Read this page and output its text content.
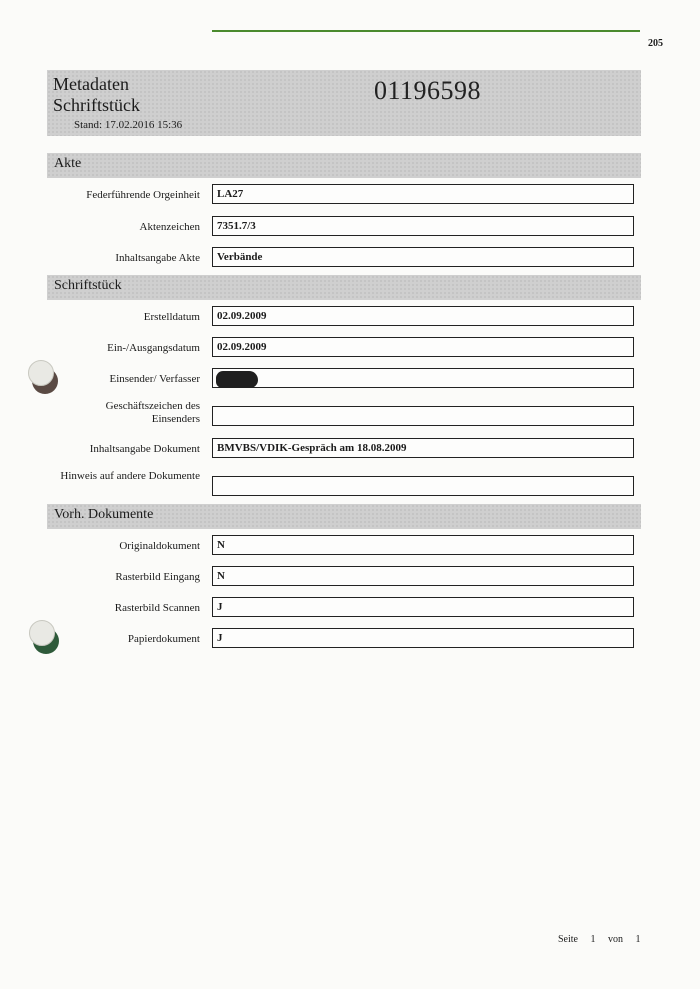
205
Metadaten
Schriftstück
Stand: 17.02.2016 15:36
01196598
Akte
Federführende Orgeinheit LA27
Aktenzeichen 7351.7/3
Inhaltsangabe Akte Verbände
Schriftstück
Erstelldatum 02.09.2009
Ein-/Ausgangsdatum 02.09.2009
Einsender/ Verfasser
Geschäftszeichen des
Einsenders
Inhaltsangabe Dokument BMVBS/VDIK-Gespräch am 18.08.2009
Hinweis auf andere Dokumente
Vorh. Dokumente
Originaldokument N
Rasterbild Eingang N
Rasterbild Scannen J
Papierdokument J
Seite 1 von 1
